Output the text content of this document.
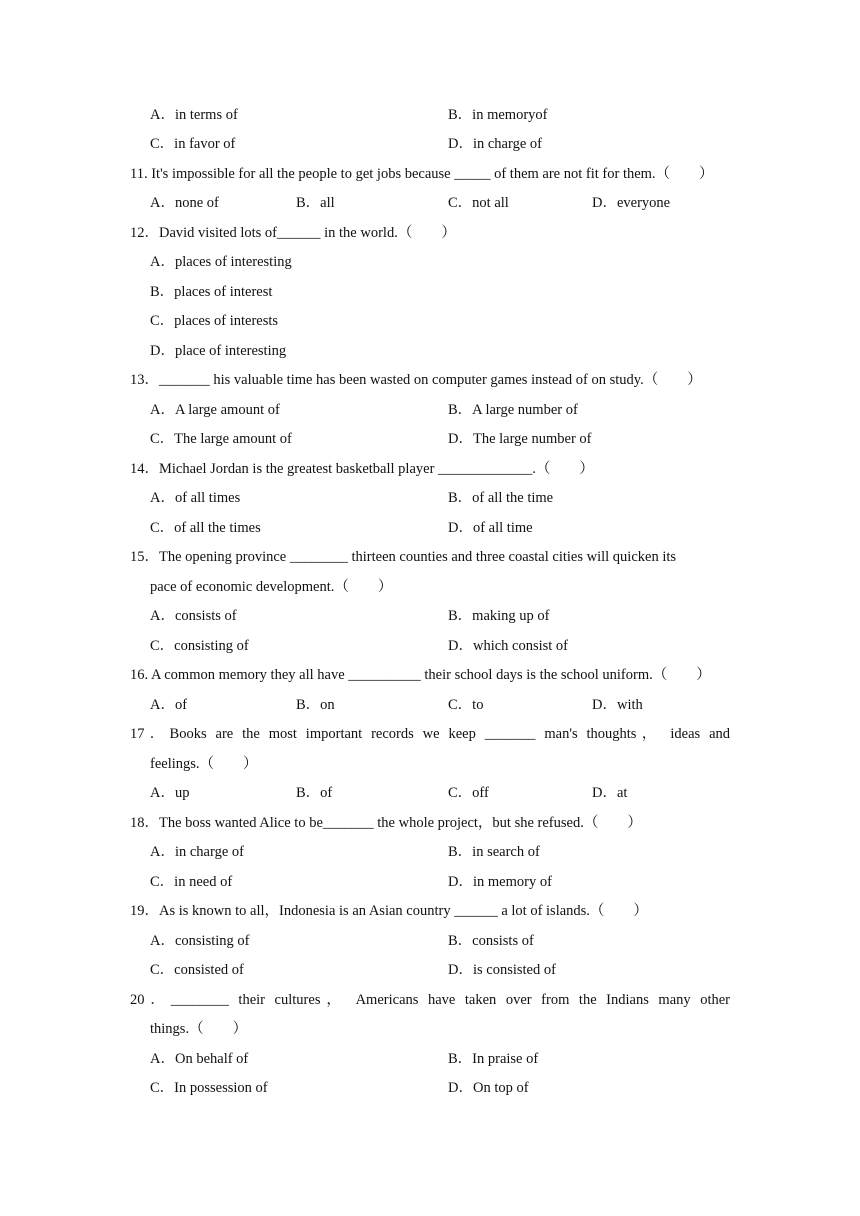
A．in terms of	B．in memoryof
C．in favor of	D．in charge of
11. It's impossible for all the people to get jobs because _____ of them are not fit for them.（　　）
A．none of	B．all	C．not all	D．everyone
12．David visited lots of______ in the world.（　　）
A．places of interesting
B．places of interest
C．places of interests
D．place of interesting
13．_______ his valuable time has been wasted on computer games instead of on study.（　　）
A．A large amount of	B．A large number of
C．The large amount of	D．The large number of
14．Michael Jordan is the greatest basketball player _____________.（　　）
A．of all times	B．of all the time
C．of all the times	D．of all time
15．The opening province ________ thirteen counties and three coastal cities will quicken its
pace of economic development.（　　）
A．consists of	B．making up of
C．consisting of	D．which consist of
16. A common memory they all have __________ their school days is the school uniform.（　　）
A．of	B．on	C．to	D．with
17．Books are the most important records we keep _______ man's thoughts， ideas and
feelings.（　　）
A．up	B．of	C．off	D．at
18．The boss wanted Alice to be_______ the whole project，but she refused.（　　）
A．in charge of	B．in search of
C．in need of	D．in memory of
19．As is known to all，Indonesia is an Asian country ______ a lot of islands.（　　）
A．consisting of	B．consists of
C．consisted of	D．is consisted of
20．________ their cultures， Americans have taken over from the Indians many other
things.（　　）
A．On behalf of	B．In praise of
C．In possession of	D．On top of
